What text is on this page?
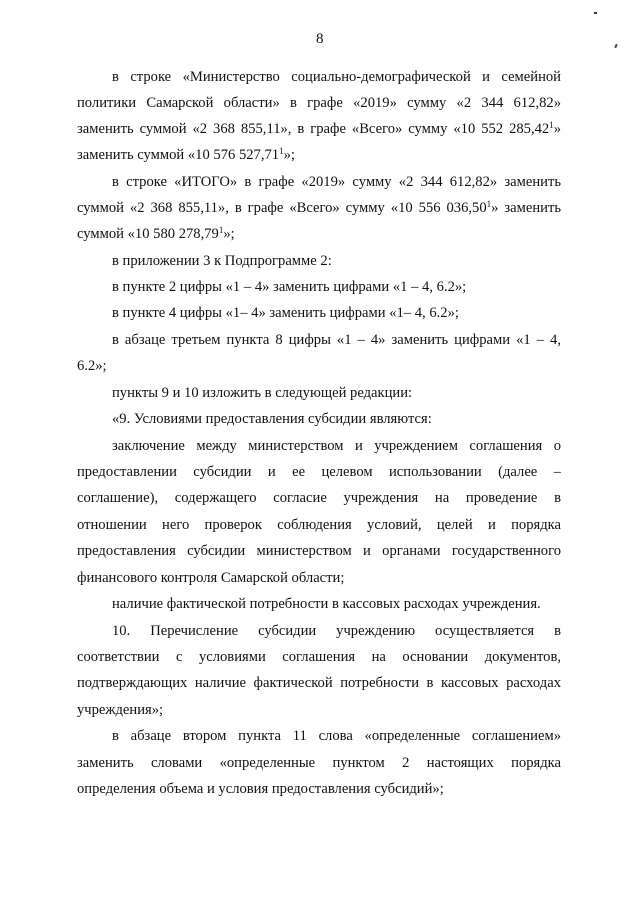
8
в строке «Министерство социально-демографической и семейной
политики Самарской области» в графе «2019» сумму «2 344 612,82»
заменить суммой «2 368 855,11», в графе «Всего» сумму «10 552 285,42$^1$»
заменить суммой «10 576 527,71$^1$»;
в строке «ИТОГО» в графе «2019» сумму «2 344 612,82» заменить
суммой «2 368 855,11», в графе «Всего» сумму «10 556 036,50$^1$» заменить
суммой «10 580 278,79$^1$»;
в приложении 3 к Подпрограмме 2:
в пункте 2 цифры «1 – 4» заменить цифрами «1 – 4, 6.2»;
в пункте 4 цифры «1– 4» заменить цифрами «1– 4, 6.2»;
в абзаце третьем пункта 8 цифры «1 – 4» заменить цифрами «1 – 4,
6.2»;
пункты 9 и 10 изложить в следующей редакции:
«9. Условиями предоставления субсидии являются:
заключение между министерством и учреждением соглашения о
предоставлении субсидии и ее целевом использовании (далее –
соглашение), содержащего согласие учреждения на проведение в
отношении него проверок соблюдения условий, целей и порядка
предоставления субсидии министерством и органами государственного
финансового контроля Самарской области;
наличие фактической потребности в кассовых расходах учреждения.
10. Перечисление субсидии учреждению осуществляется в
соответствии с условиями соглашения на основании документов,
подтверждающих наличие фактической потребности в кассовых расходах
учреждения»;
в абзаце втором пункта 11 слова «определенные соглашением»
заменить словами «определенные пунктом 2 настоящих порядка
определения объема и условия предоставления субсидий»;
